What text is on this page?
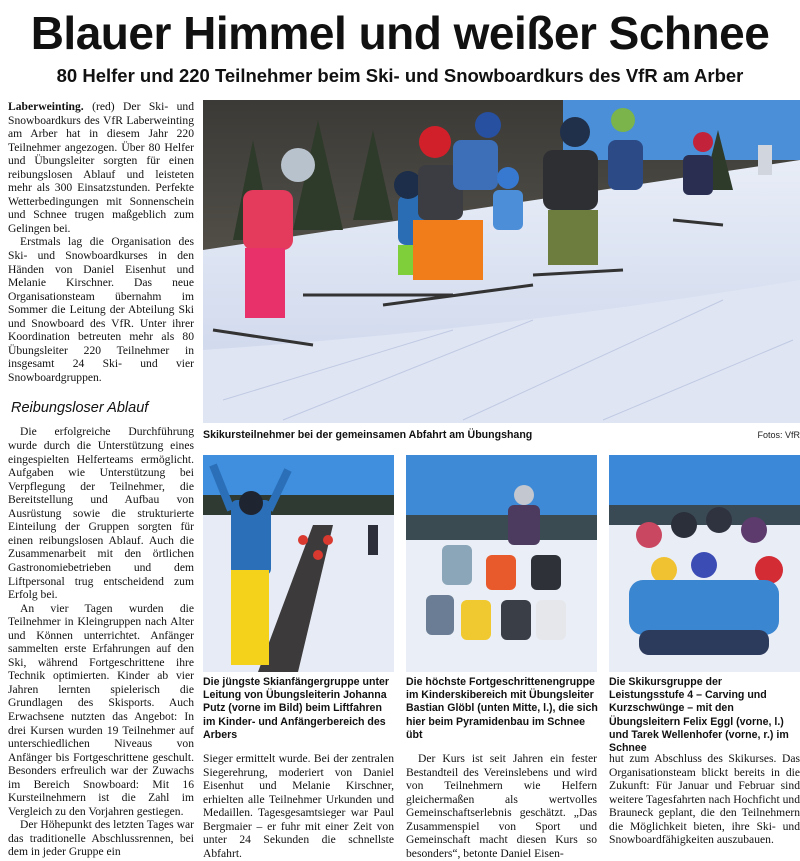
Blauer Himmel und weißer Schnee
80 Helfer und 220 Teilnehmer beim Ski- und Snowboardkurs des VfR am Arber

Laberweinting. (red) Der Ski- und Snowboardkurs des VfR Laberweinting am Arber hat in diesem Jahr 220 Teilnehmer angezogen. Über 80 Helfer und Übungsleiter sorgten für einen reibungslosen Ablauf und leisteten mehr als 300 Einsatzstunden. Perfekte Wetterbedingungen mit Sonnenschein und Schnee trugen maßgeblich zum Gelingen bei.

Erstmals lag die Organisation des Ski- und Snowboardkurses in den Händen von Daniel Eisenhut und Melanie Kirschner. Das neue Organisationsteam übernahm im Sommer die Leitung der Abteilung Ski und Snowboard des VfR. Unter ihrer Koordination betreuten mehr als 80 Übungsleiter 220 Teilnehmer in insgesamt 24 Ski- und vier Snowboardgruppen.

Reibungsloser Ablauf

Die erfolgreiche Durchführung wurde durch die Unterstützung eines eingespielten Helferteams ermöglicht. Aufgaben wie Unterstützung bei Verpflegung der Teilnehmer, die Bereitstellung und Aufbau von Ausrüstung sowie die strukturierte Einteilung der Gruppen sorgten für einen reibungslosen Ablauf. Auch die Zusammenarbeit mit den örtlichen Gastronomiebetrieben und dem Liftpersonal trug entscheidend zum Erfolg bei.

An vier Tagen wurden die Teilnehmer in Kleingruppen nach Alter und Können unterrichtet. Anfänger sammelten erste Erfahrungen auf den Ski, während Fortgeschrittene ihre Technik optimierten. Kinder ab vier Jahren lernten spielerisch die Grundlagen des Skisports. Auch Erwachsene nutzten das Angebot: In drei Kursen wurden 19 Teilnehmer auf unterschiedlichen Niveaus von Anfänger bis Fortgeschrittene geschult. Besonders erfreulich war der Zuwachs im Bereich Snowboard: Mit 16 Kursteilnehmern ist die Zahl im Vergleich zu den Vorjahren gestiegen.

Der Höhepunkt des letzten Tages war das traditionelle Abschlussrennen, bei dem in jeder Gruppe ein

Skikursteilnehmer bei der gemeinsamen Abfahrt am Übungshang	Fotos: VfR
Die jüngste Skianfängergruppe unter Leitung von Übungsleiterin Johanna Putz (vorne im Bild) beim Liftfahren im Kinder- und Anfängerbereich des Arbers
Die höchste Fortgeschrittenengruppe im Kinderskibereich mit Übungsleiter Bastian Glöbl (unten Mitte, l.), die sich hier beim Pyramidenbau im Schnee übt
Die Skikursgruppe der Leistungsstufe 4 – Carving und Kurzschwünge – mit den Übungsleitern Felix Eggl (vorne, l.) und Tarek Wellenhofer (vorne, r.) im Schnee

Sieger ermittelt wurde. Bei der zentralen Siegerehrung, moderiert von Daniel Eisenhut und Melanie Kirschner, erhielten alle Teilnehmer Urkunden und Medaillen. Tagesgesamtsieger war Paul Bergmaier – er fuhr mit einer Zeit von unter 24 Sekunden die schnellste Abfahrt.

Der Kurs ist seit Jahren ein fester Bestandteil des Vereinslebens und wird von Teilnehmern wie Helfern gleichermaßen als wertvolles Gemeinschaftserlebnis geschätzt. „Das Zusammenspiel von Sport und Gemeinschaft macht diesen Kurs so besonders“, betonte Daniel Eisen-

hut zum Abschluss des Skikurses. Das Organisationsteam blickt bereits in die Zukunft: Für Januar und Februar sind weitere Tagesfahrten nach Hochficht und Brauneck geplant, die den Teilnehmern die Möglichkeit bieten, ihre Ski- und Snowboardfähigkeiten auszubauen.
